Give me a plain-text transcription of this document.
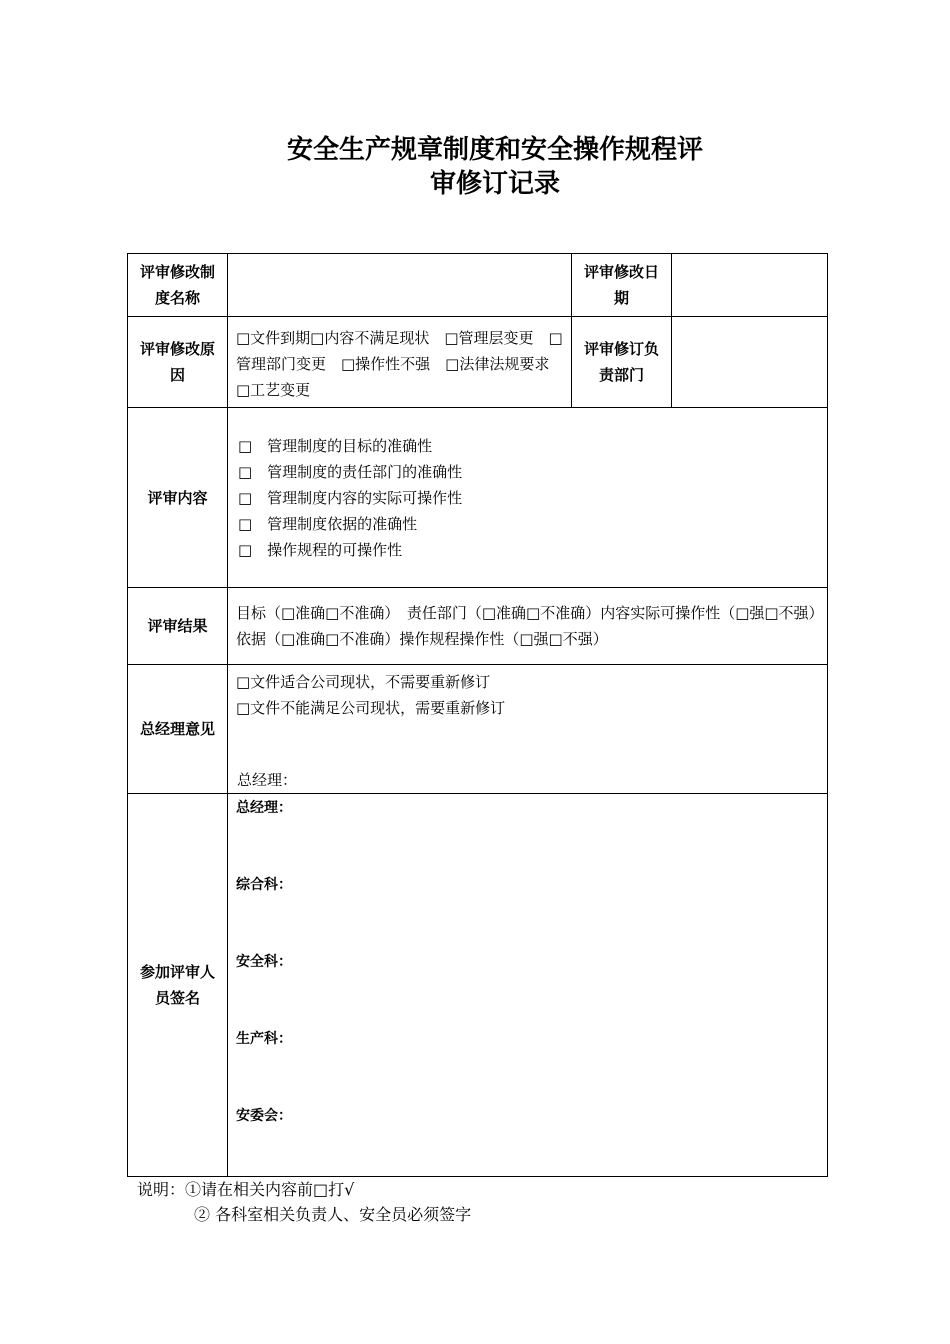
安全生产规章制度和安全操作规程评
审修订记录
评审修改制度名称		评审修改日期	
评审修改原因	□文件到期□内容不满足现状　□管理层变更　□管理部门变更　□操作性不强　□法律法规要求　□工艺变更	评审修订负责部门	
评审内容	□　管理制度的目标的准确性
□　管理制度的责任部门的准确性
□　管理制度内容的实际可操作性
□　管理制度依据的准确性
□　操作规程的可操作性		

评审结果	目标（□准确□不准确）　责任部门（□准确□不准确）内容实际可操作性（□强□不强）依据（□准确□不准确）操作规程操作性（□强□不强）		
总经理意见	□文件适合公司现状，不需要重新修订
□文件不能满足公司现状，需要重新修订
总经理：		

参加评审人员签名	总经理：
综合科：
安全科：
生产科：
安委会：		
说明：①请在相关内容前□打√
② 各科室相关负责人、安全员必须签字
